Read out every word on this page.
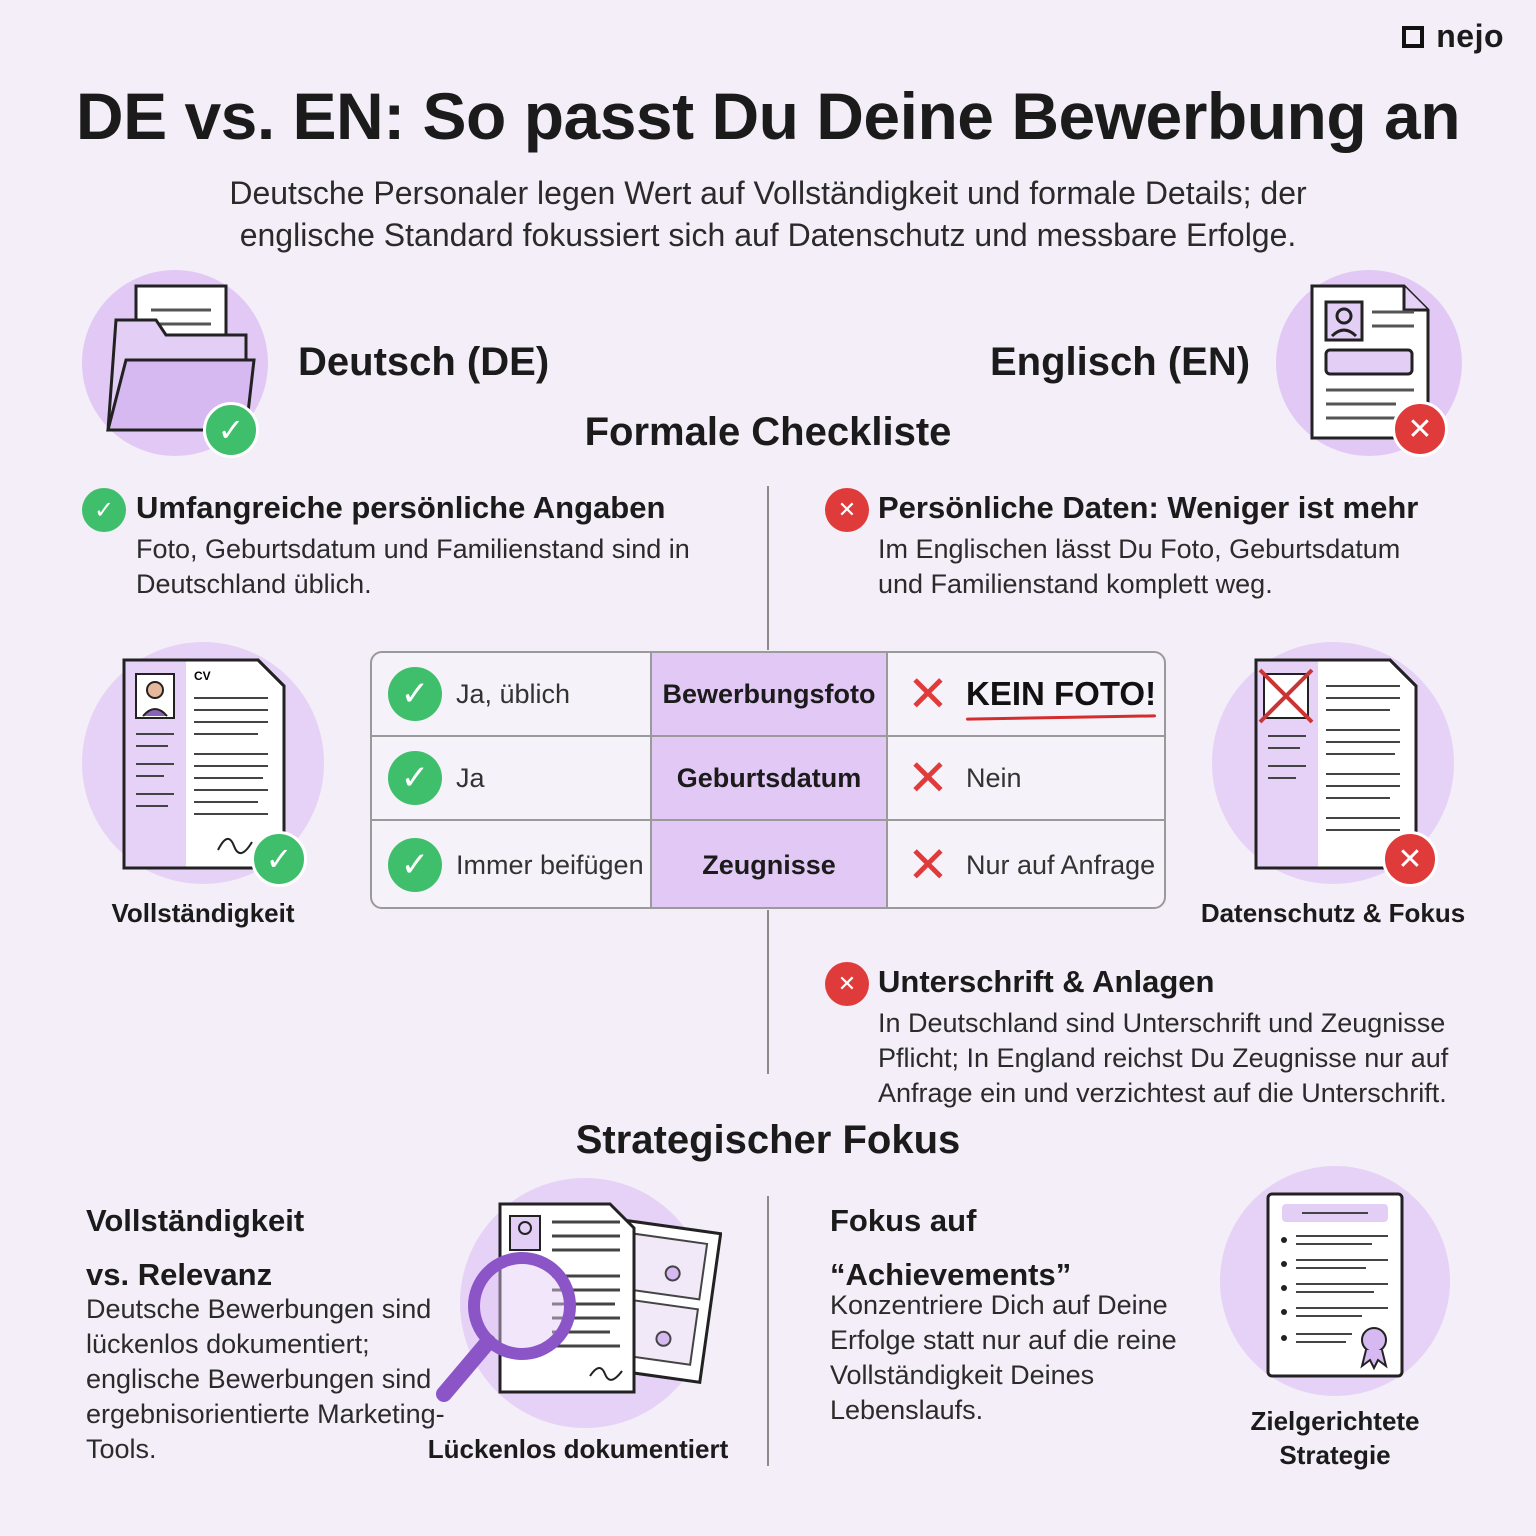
nejo
DE vs. EN: So passt Du Deine Bewerbung an
Deutsche Personaler legen Wert auf Vollständigkeit und formale Details; der englische Standard fokussiert sich auf Datenschutz und messbare Erfolge.
✓
Deutsch (DE)	Englisch (EN)
✕
Formale Checkliste
✓ Umfangreiche persönliche Angaben
Foto, Geburtsdatum und Familienstand sind in Deutschland üblich.
✕ Persönliche Daten: Weniger ist mehr
Im Englischen lässt Du Foto, Geburtsdatum und Familienstand komplett weg.
CV
✓
Vollständigkeit
✓ Ja, üblich	Bewerbungsfoto ✕ KEIN FOTO!
✓ Ja	Geburtsdatum ✕ Nein
✓ Immer beifügen	Zeugnisse	✕ Nur auf Anfrage	✕
Datenschutz & Fokus
✕ Unterschrift & Anlagen
In Deutschland sind Unterschrift und Zeugnisse Pflicht; In England reichst Du Zeugnisse nur auf Anfrage ein und verzichtest auf die Unterschrift.
Strategischer Fokus
Vollständigkeit
vs. Relevanz
Deutsche Bewerbungen sind lückenlos dokumentiert; englische Bewerbungen sind ergebnisorientierte Marketing-Tools.	Lückenlos dokumentiert
Fokus auf
“Achievements”
Konzentriere Dich auf Deine Erfolge statt nur auf die reine Vollständigkeit Deines Lebenslaufs.	Zielgerichtete
Strategie
